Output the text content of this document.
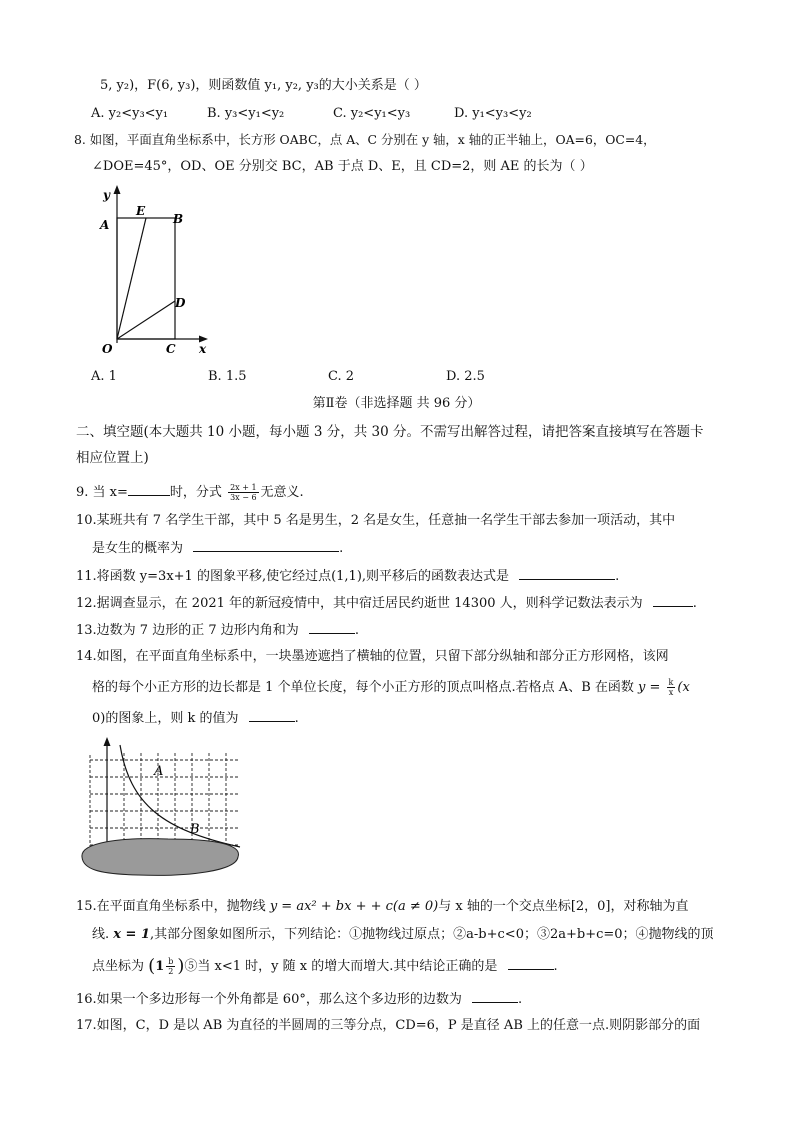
5, y₂)，F(6, y₃)，则函数值 y₁, y₂, y₃的大小关系是（ ）
A. y₂<y₃<y₁	B. y₃<y₁<y₂	C. y₂<y₁<y₃	D. y₁<y₃<y₂
8. 如图，平面直角坐标系中，长方形 OABC，点 A、C 分别在 y 轴，x 轴的正半轴上，OA=6，OC=4，
∠DOE=45°，OD、OE 分别交 BC，AB 于点 D、E，且 CD=2，则 AE 的长为（ ）
y
x
O
A
E
B
D
C
A. 1	B. 1.5	C. 2	D. 2.5
第Ⅱ卷（非选择题 共 96 分）
二、填空题(本大题共 10 小题，每小题 3 分，共 30 分。不需写出解答过程，请把答案直接填写在答题卡
相应位置上)
9. 当 x=	时，分式 $\frac{2x + 1}{3x - 6}$ 无意义.
10.某班共有 7 名学生干部，其中 5 名是男生，2 名是女生，任意抽一名学生干部去参加一项活动，其中
是女生的概率为	.
11.将函数 y=3x+1 的图象平移,使它经过点(1,1),则平移后的函数表达式是	.
12.据调查显示，在 2021 年的新冠疫情中，其中宿迁居民约逝世 14300 人，则科学记数法表示为	.
13.边数为 7 边形的正 7 边形内角和为	.
14.如图，在平面直角坐标系中，一块墨迹遮挡了横轴的位置，只留下部分纵轴和部分正方形网格，该网
格的每个小正方形的边长都是 1 个单位长度，每个小正方形的顶点叫格点.若格点 A、B 在函数 $y = \frac{k}{x} (x$
0)的图象上，则 k 的值为	.
A
B
15.在平面直角坐标系中，抛物线 y = ax² + bx + + c(a ≠ 0)与 x 轴的一个交点坐标[2，0]，对称轴为直
线. x = 1,其部分图象如图所示，下列结论：①抛物线过原点；②a-b+c<0；③2a+b+c=0；④抛物线的顶
点坐标为 ($1 \frac{b}{2}$ )⑤当 x<1 时，y 随 x 的增大而增大.其中结论正确的是	.
16.如果一个多边形每一个外角都是 60°，那么这个多边形的边数为	.
17.如图，C，D 是以 AB 为直径的半圆周的三等分点，CD=6，P 是直径 AB 上的任意一点.则阴影部分的面
